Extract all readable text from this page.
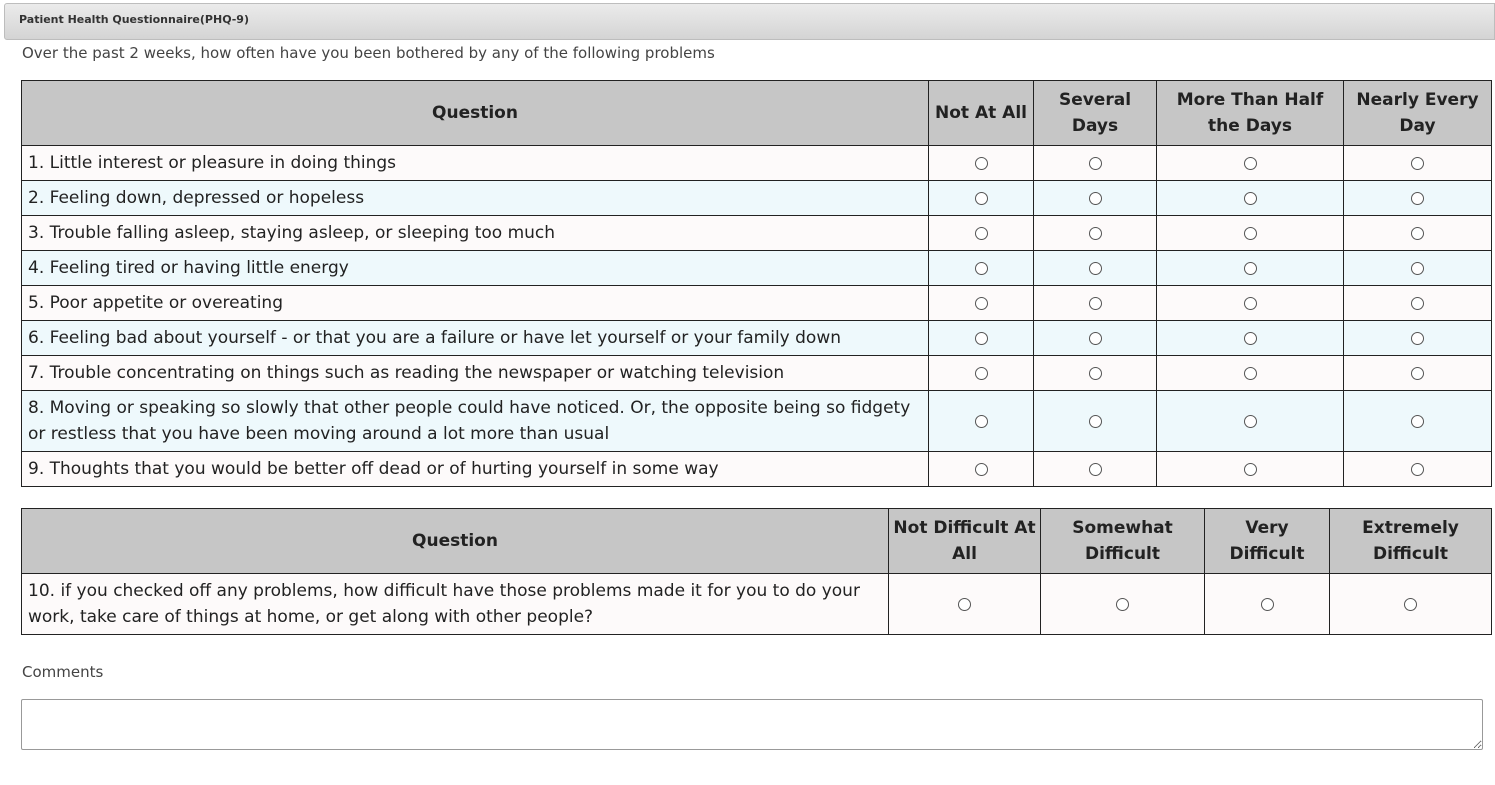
Patient Health Questionnaire(PHQ-9)
Over the past 2 weeks, how often have you been bothered by any of the following problems
Question	Not At All	Several Days	More Than Half the Days	Nearly Every Day
1. Little interest or pleasure in doing things				
2. Feeling down, depressed or hopeless				
3. Trouble falling asleep, staying asleep, or sleeping too much				
4. Feeling tired or having little energy				
5. Poor appetite or overeating				
6. Feeling bad about yourself - or that you are a failure or have let yourself or your family down				
7. Trouble concentrating on things such as reading the newspaper or watching television				
8. Moving or speaking so slowly that other people could have noticed. Or, the opposite being so fidgety or restless that you have been moving around a lot more than usual				
9. Thoughts that you would be better off dead or of hurting yourself in some way				
Question	Not Difficult At All	Somewhat Difficult	Very Difficult	Extremely Difficult
10. if you checked off any problems, how difficult have those problems made it for you to do your work, take care of things at home, or get along with other people?				
Comments
